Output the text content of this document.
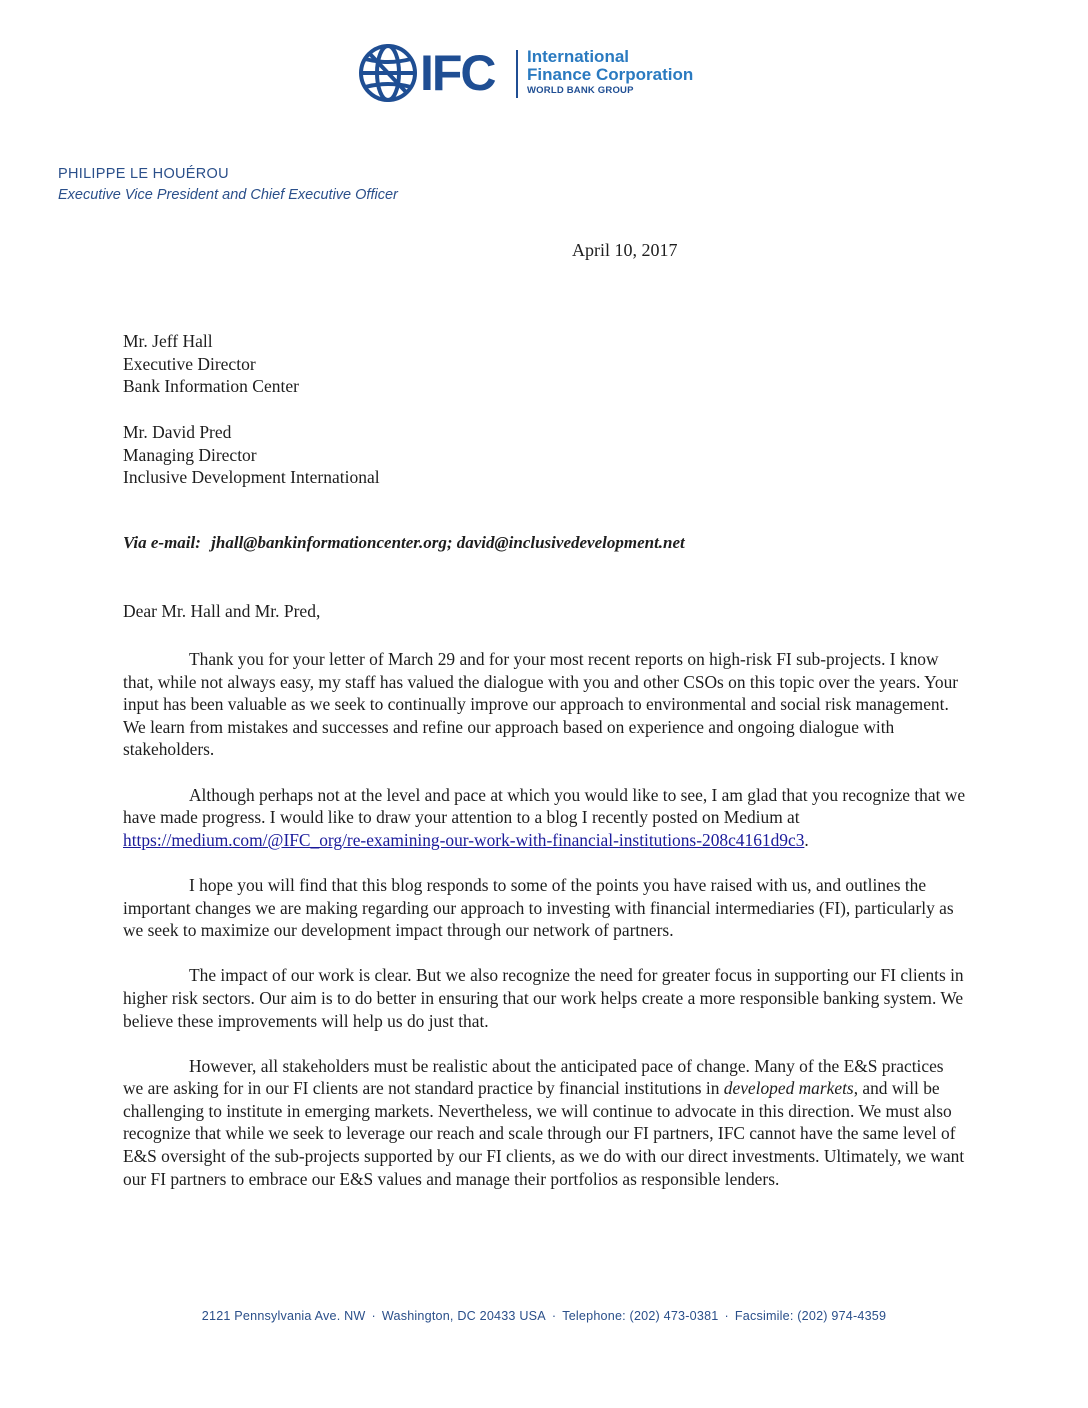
IFC International
Finance Corporation
WORLD BANK GROUP
PHILIPPE LE HOUÉROU
Executive Vice President and Chief Executive Officer
April 10, 2017
Mr. Jeff Hall
Executive Director
Bank Information Center
Mr. David Pred
Managing Director
Inclusive Development International
Via e-mail: jhall@bankinformationcenter.org; david@inclusivedevelopment.net
Dear Mr. Hall and Mr. Pred,

Thank you for your letter of March 29 and for your most recent reports on high-risk FI sub-projects. I know that, while not always easy, my staff has valued the dialogue with you and other CSOs on this topic over the years. Your input has been valuable as we seek to continually improve our approach to environmental and social risk management. We learn from mistakes and successes and refine our approach based on experience and ongoing dialogue with stakeholders.

Although perhaps not at the level and pace at which you would like to see, I am glad that you recognize that we have made progress. I would like to draw your attention to a blog I recently posted on Medium at https://medium.com/@IFC_org/re-examining-our-work-with-financial-institutions-208c4161d9c3.

I hope you will find that this blog responds to some of the points you have raised with us, and outlines the important changes we are making regarding our approach to investing with financial intermediaries (FI), particularly as we seek to maximize our development impact through our network of partners.

The impact of our work is clear. But we also recognize the need for greater focus in supporting our FI clients in higher risk sectors. Our aim is to do better in ensuring that our work helps create a more responsible banking system. We believe these improvements will help us do just that.

However, all stakeholders must be realistic about the anticipated pace of change. Many of the E&S practices we are asking for in our FI clients are not standard practice by financial institutions in developed markets, and will be challenging to institute in emerging markets. Nevertheless, we will continue to advocate in this direction. We must also recognize that while we seek to leverage our reach and scale through our FI partners, IFC cannot have the same level of E&S oversight of the sub-projects supported by our FI clients, as we do with our direct investments. Ultimately, we want our FI partners to embrace our E&S values and manage their portfolios as responsible lenders.

2121 Pennsylvania Ave. NW · Washington, DC 20433 USA · Telephone: (202) 473-0381 · Facsimile: (202) 974-4359
